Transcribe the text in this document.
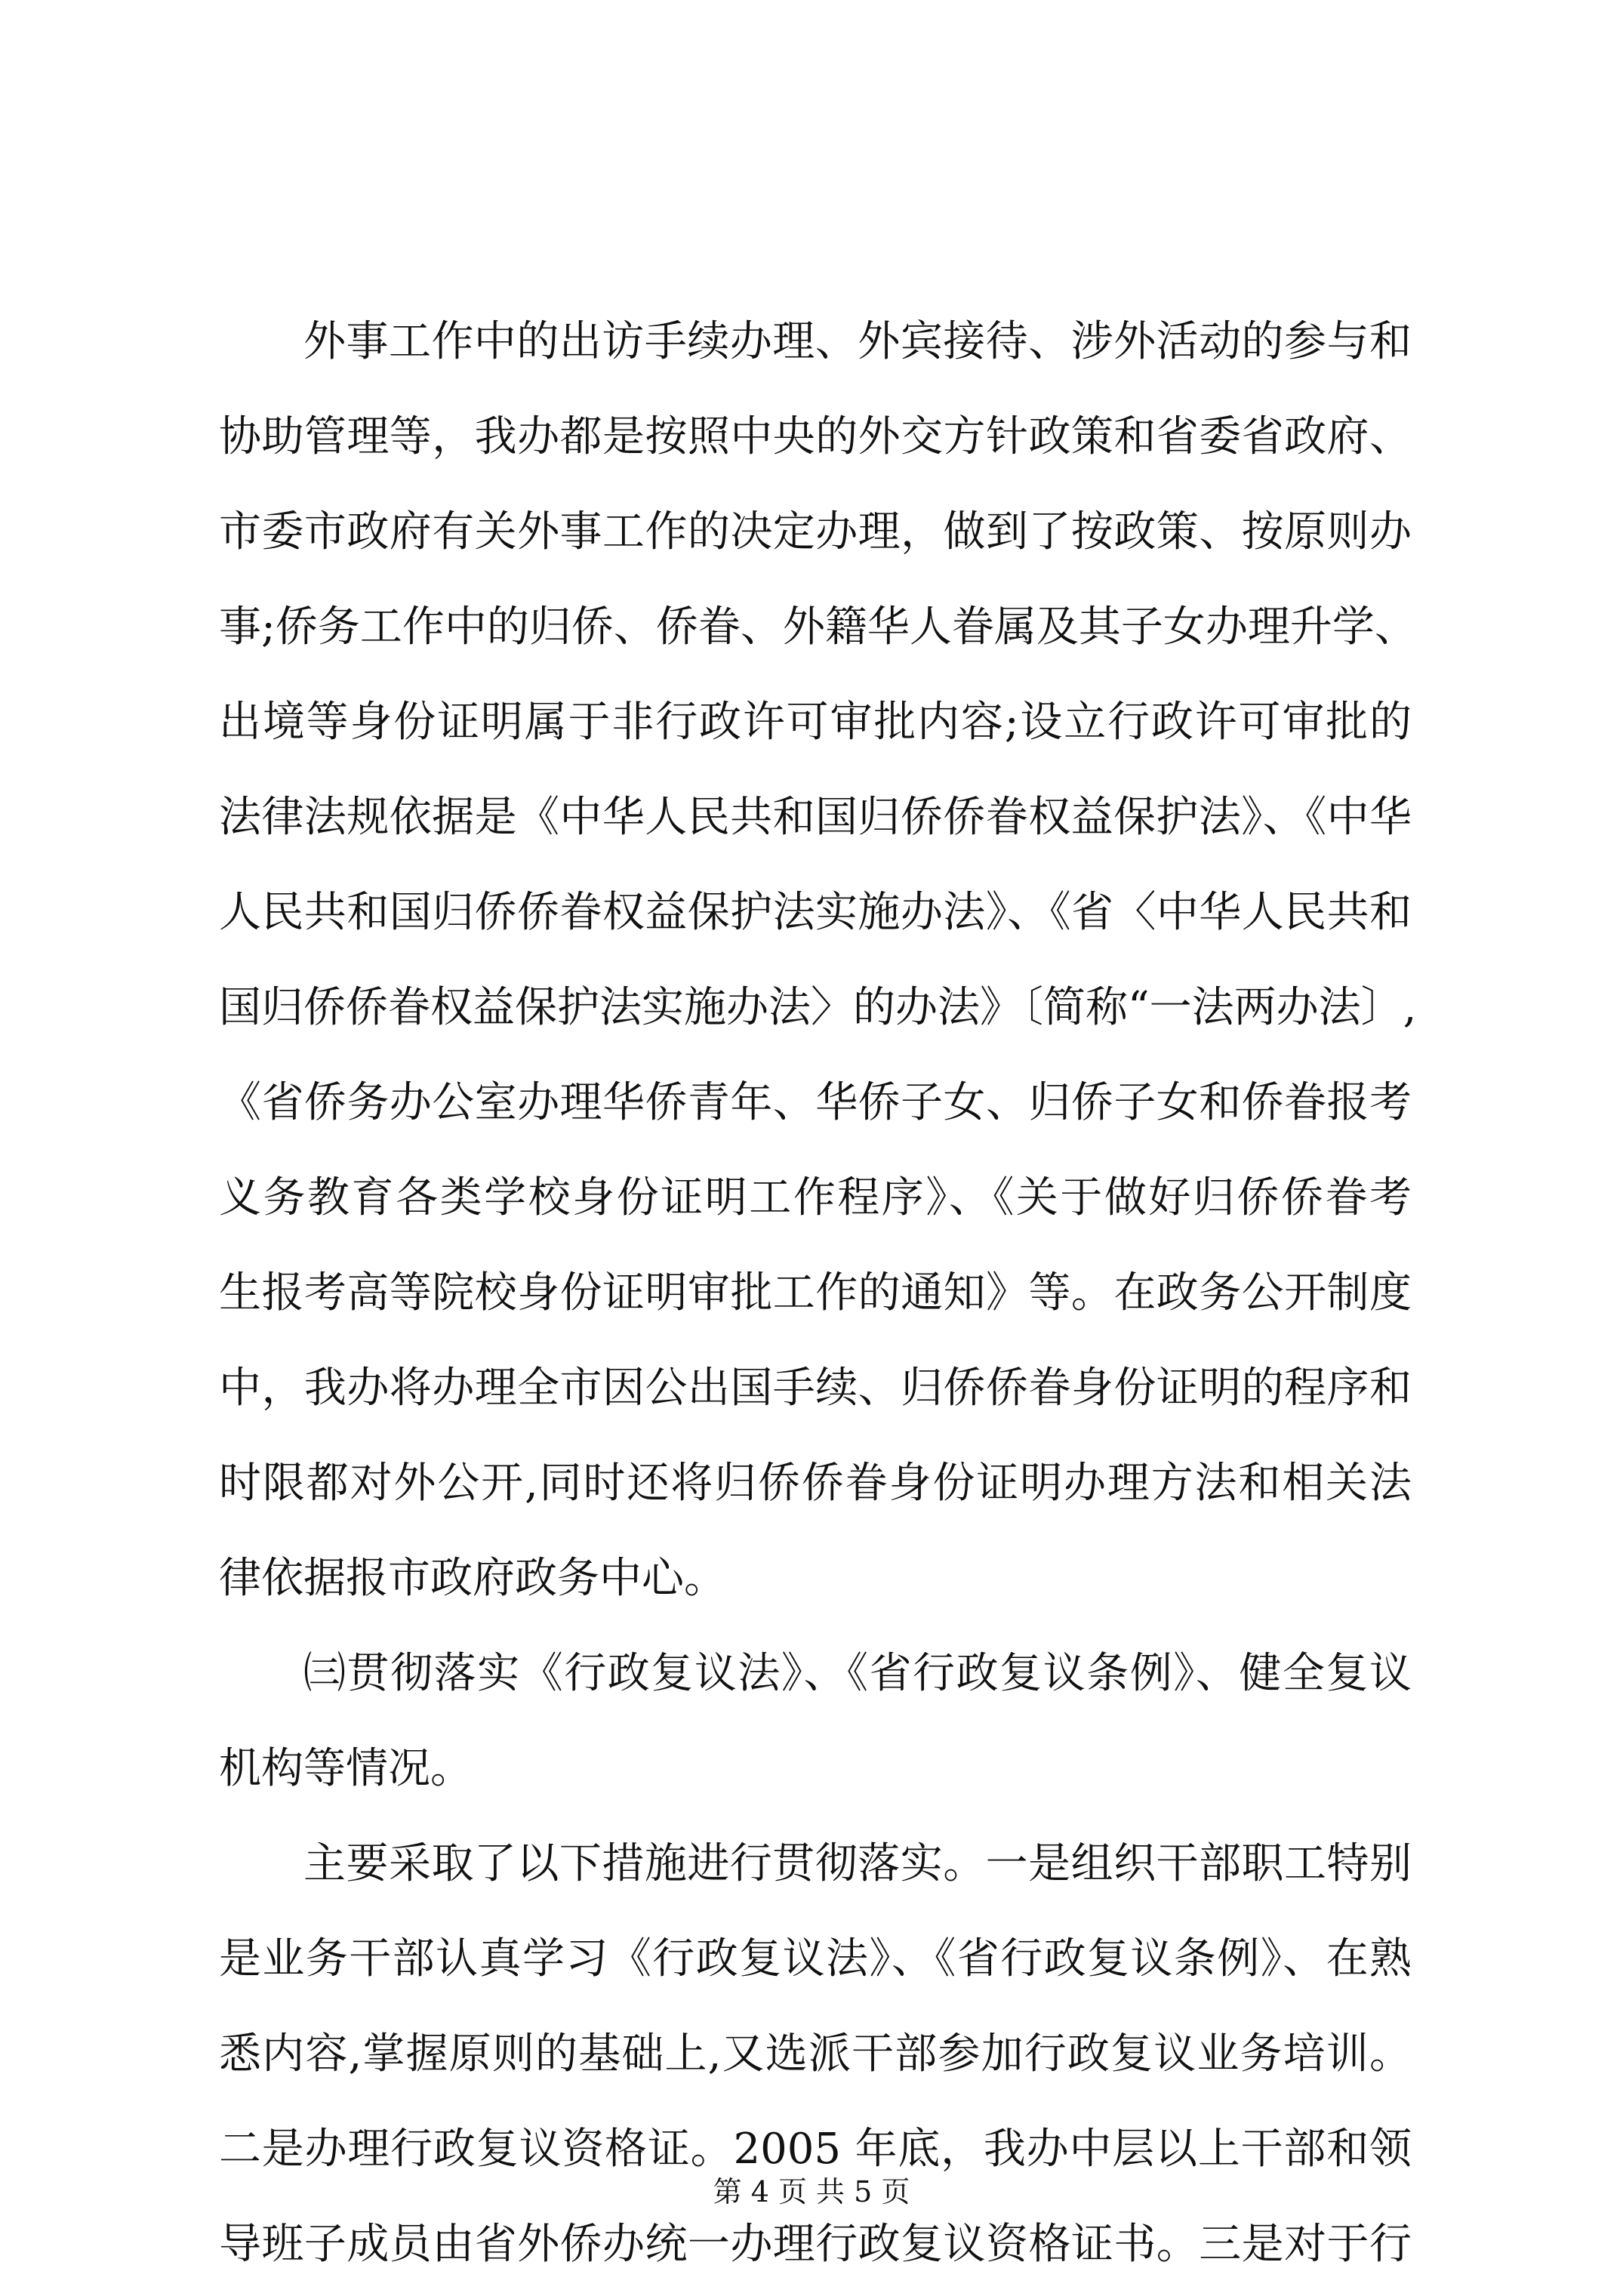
外事工作中的出访手续办理、外宾接待、涉外活动的参与和
协助管理等，我办都是按照中央的外交方针政策和省委省政府、
市委市政府有关外事工作的决定办理，做到了按政策、按原则办
事;侨务工作中的归侨、侨眷、外籍华人眷属及其子女办理升学、
出境等身份证明属于非行政许可审批内容;设立行政许可审批的
法律法规依据是《中华人民共和国归侨侨眷权益保护法》、《中华
人民共和国归侨侨眷权益保护法实施办法》、《省〈中华人民共和
国归侨侨眷权益保护法实施办法〉的办法》〔简称“一法两办法〕,
《省侨务办公室办理华侨青年、华侨子女、归侨子女和侨眷报考
义务教育各类学校身份证明工作程序》、《关于做好归侨侨眷考
生报考高等院校身份证明审批工作的通知》等。在政务公开制度
中，我办将办理全市因公出国手续、归侨侨眷身份证明的程序和
时限都对外公开,同时还将归侨侨眷身份证明办理方法和相关法
律依据报市政府政务中心。
㈢贯彻落实《行政复议法》、《省行政复议条例》、健全复议
机构等情况。
主要采取了以下措施进行贯彻落实。一是组织干部职工特别
是业务干部认真学习《行政复议法》、《省行政复议条例》、在熟
悉内容,掌握原则的基础上,又选派干部参加行政复议业务培训。
二是办理行政复议资格证。2005 年底，我办中层以上干部和领
导班子成员由省外侨办统一办理行政复议资格证书。三是对于行
第 4 页 共 5 页
